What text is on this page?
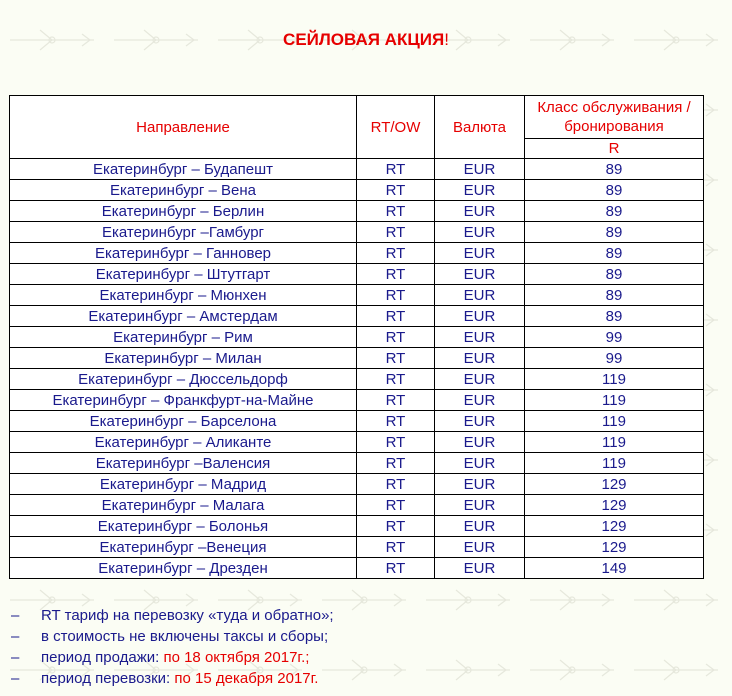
СЕЙЛОВАЯ АКЦИЯ!
Направление	RT/OW	Валюта	Класс обслуживания /
бронирования
			R
Екатеринбург – Будапешт	RT	EUR	89
Екатеринбург – Вена	RT	EUR	89
Екатеринбург – Берлин	RT	EUR	89
Екатеринбург –Гамбург	RT	EUR	89
Екатеринбург – Ганновер	RT	EUR	89
Екатеринбург – Штутгарт	RT	EUR	89
Екатеринбург – Мюнхен	RT	EUR	89
Екатеринбург – Амстердам	RT	EUR	89
Екатеринбург – Рим	RT	EUR	99
Екатеринбург – Милан	RT	EUR	99
Екатеринбург – Дюссельдорф	RT	EUR	119
Екатеринбург – Франкфурт-на-Майне	RT	EUR	119
Екатеринбург – Барселона	RT	EUR	119
Екатеринбург – Аликанте	RT	EUR	119
Екатеринбург –Валенсия	RT	EUR	119
Екатеринбург – Мадрид	RT	EUR	129
Екатеринбург – Малага	RT	EUR	129
Екатеринбург – Болонья	RT	EUR	129
Екатеринбург –Венеция	RT	EUR	129
Екатеринбург – Дрезден	RT	EUR	149
–	RT тариф на перевозку «туда и обратно»;
–	в стоимость не включены таксы и сборы;
–	период продажи:
по 18 октября 2017г.;
–	период перевозки:
по 15 декабря 2017г.
